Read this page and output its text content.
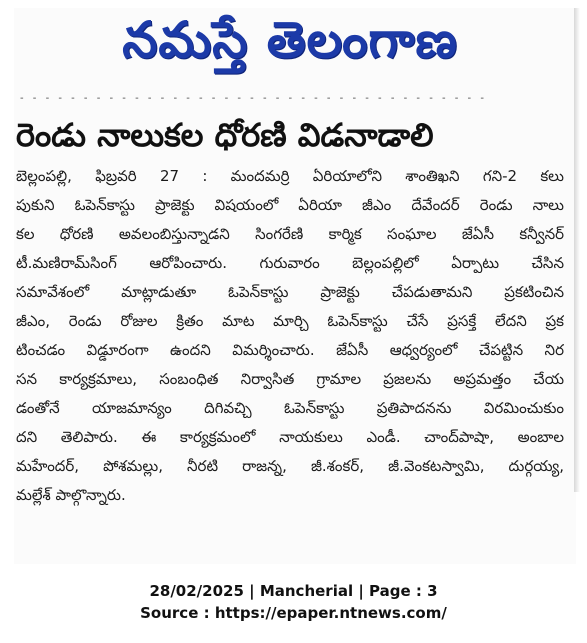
నమస్తే తెలంగాణ
- - - - - - - - - - - - - - - - - - - - - - - - - - - - - - - - - - - - -
రెండు నాలుకల ధోరణి విడనాడాలి
బెల్లంపల్లి, ఫిబ్రవరి 27 : మందమర్రి ఏరియాలోని శాంతిఖని గని-2 కలు
పుకుని ఓపెన్‌కాస్టు ప్రాజెక్టు విషయంలో ఏరియా జీఎం దేవేందర్ రెండు నాలు
కల ధోరణి అవలంబిస్తున్నాడని సింగరేణి కార్మిక సంఘాల జేఏసీ కన్వీనర్
టీ.మణిరామ్‌సింగ్ ఆరోపించారు. గురువారం బెల్లంపల్లిలో ఏర్పాటు చేసిన
సమావేశంలో మాట్లాడుతూ ఓపెన్‌కాస్టు ప్రాజెక్టు చేపడుతామని ప్రకటించిన
జీఎం, రెండు రోజుల క్రితం మాట మార్చి ఓపెన్‌కాస్టు చేసే ప్రసక్తే లేదని ప్రక
టించడం విడ్డూరంగా ఉందని విమర్శించారు. జేఏసీ ఆధ్వర్యంలో చేపట్టిన నిర
సన కార్యక్రమాలు, సంబంధిత నిర్వాసిత గ్రామాల ప్రజలను అప్రమత్తం చేయ
డంతోనే యాజమాన్యం దిగివచ్చి ఓపెన్‌కాస్టు ప్రతిపాదనను విరమించుకుం
దని తెలిపారు. ఈ కార్యక్రమంలో నాయకులు ఎండీ. చాంద్‌పాషా, అంబాల
మహేందర్, పోశమల్లు, నీరటి రాజన్న, జీ.శంకర్, జీ.వెంకటస్వామి, దుర్గయ్య,
మల్లేశ్ పాల్గొన్నారు.
28/02/2025 | Mancherial | Page : 3
Source : https://epaper.ntnews.com/
